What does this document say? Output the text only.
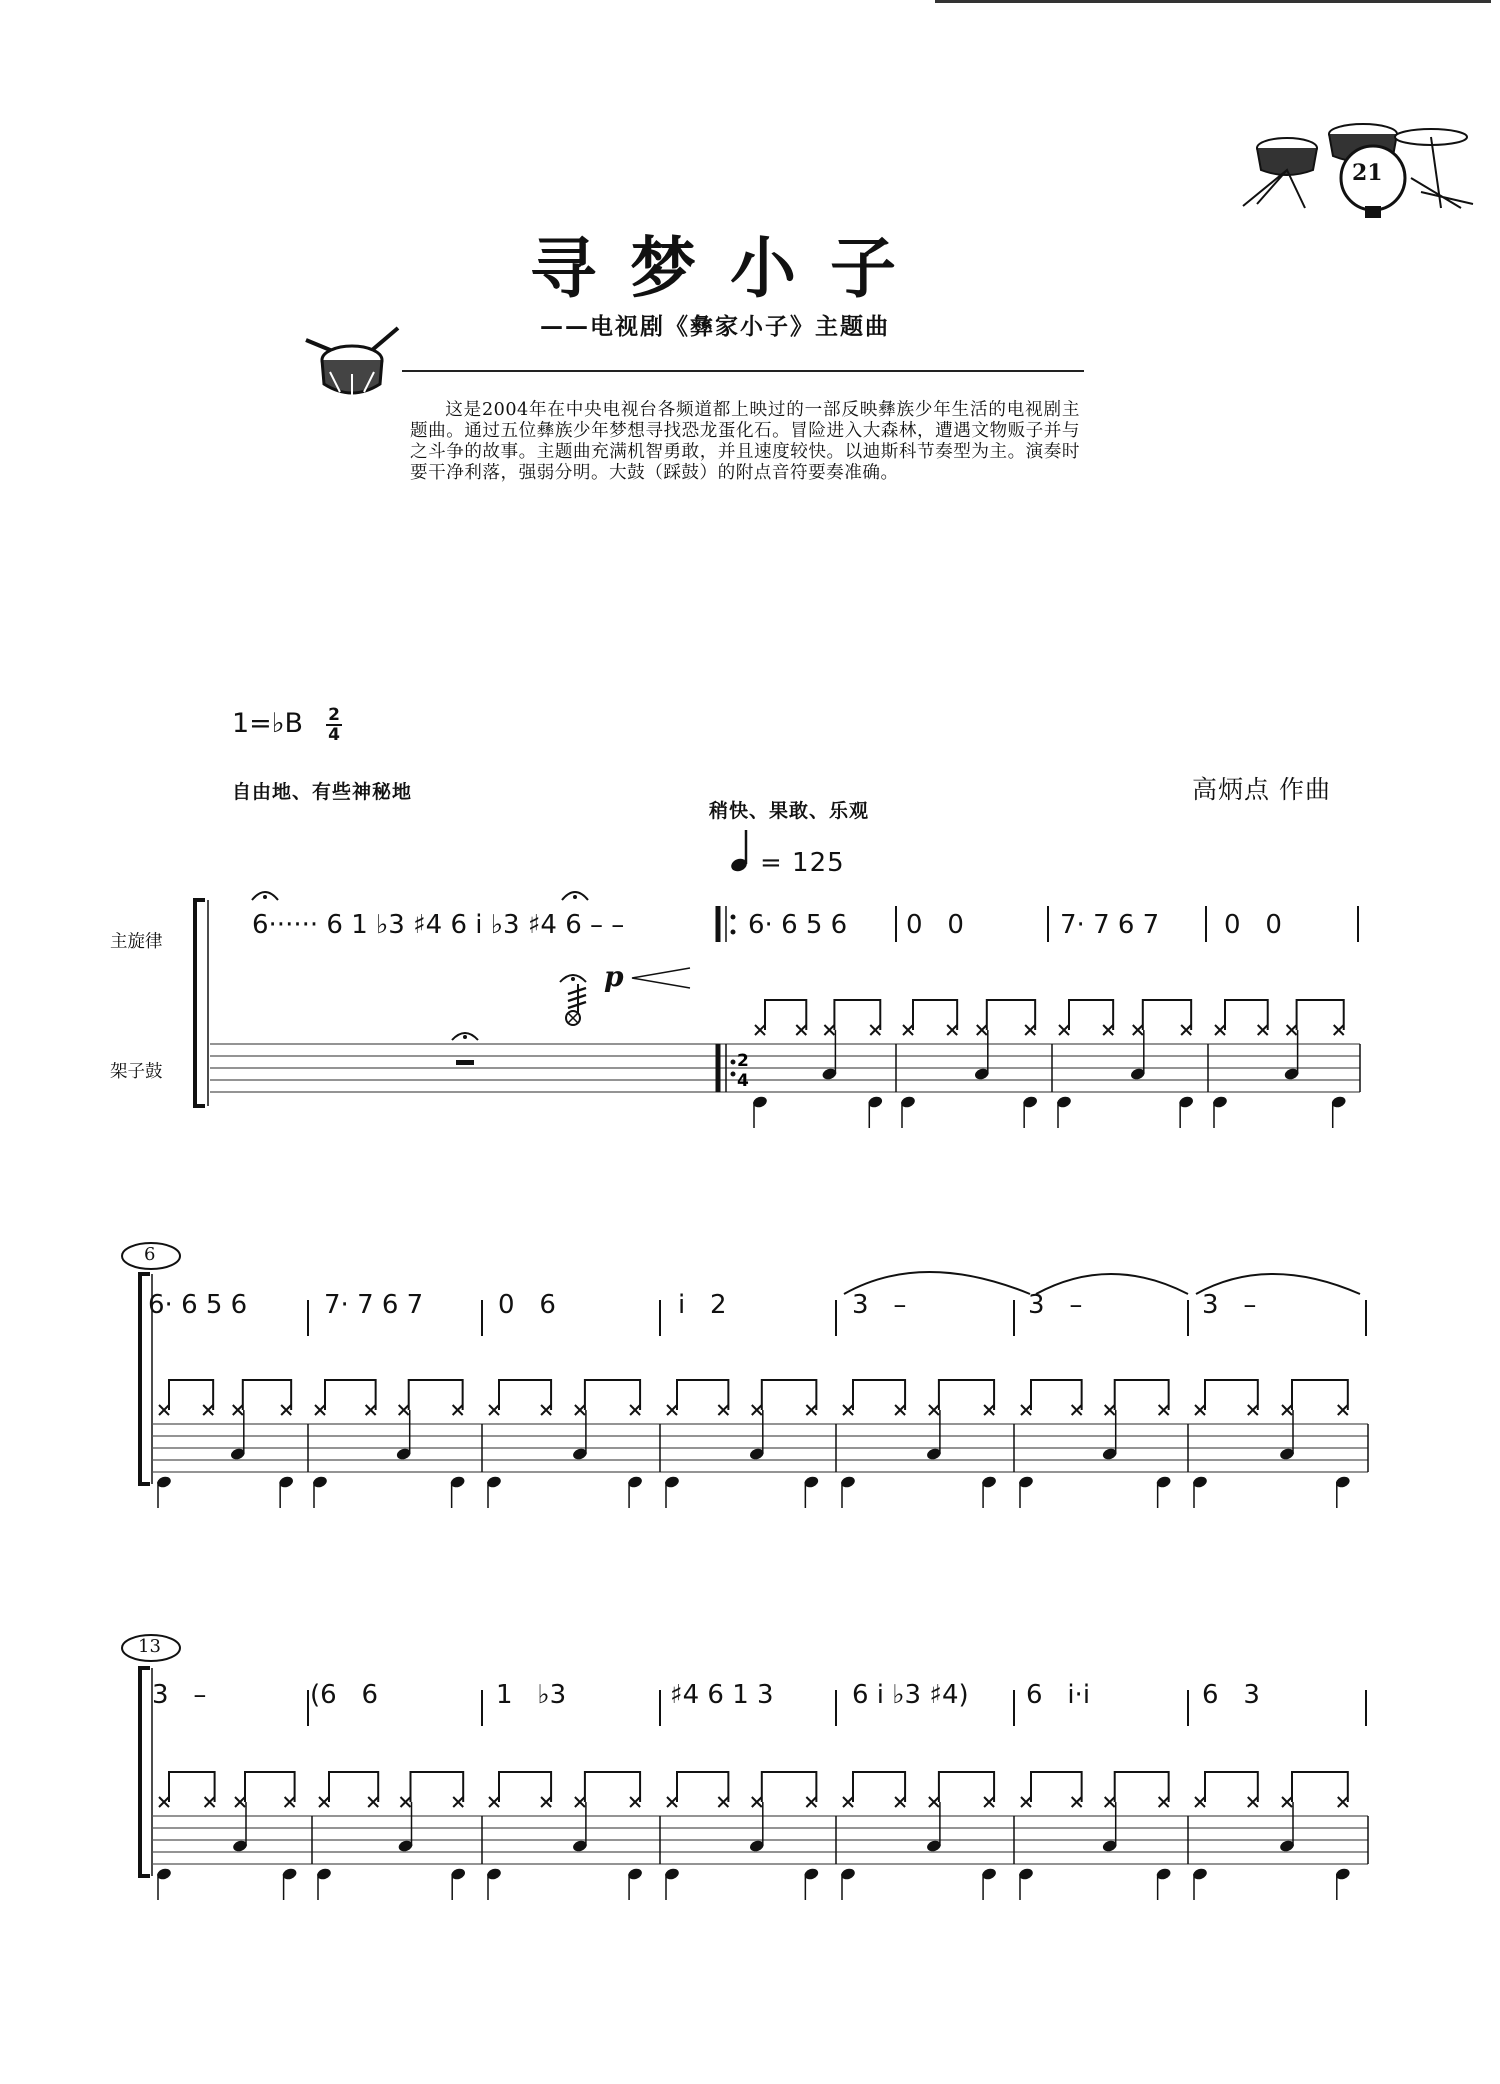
21
寻梦小子
——电视剧《彝家小子》主题曲
这是2004年在中央电视台各频道都上映过的一部反映彝族少年生活的电视剧主题曲。通过五位彝族少年梦想寻找恐龙蛋化石。冒险进入大森林，遭遇文物贩子并与之斗争的故事。主题曲充满机智勇敢，并且速度较快。以迪斯科节奏型为主。演奏时要干净利落，强弱分明。大鼓（踩鼓）的附点音符要奏准确。
1=♭B 2
4
自由地、有些神秘地
稍快、果敢、乐观
高炳点 作曲
= 125
主旋律
架子鼓
2
4
p
6······ 6 1 ♭3 ♯4 6 i ♭3 ♯4 6 – –	6· 6 5 6 0   0	7· 7 6 7 0   0
6
6· 6 5 6	7· 7 6 7	0   6	i   2	3   –	3   –	3   –
13
3   –	(6   6	1   ♭3	♯4 6 1 3	6 i ♭3 ♯4) 6   i·i	6   3
